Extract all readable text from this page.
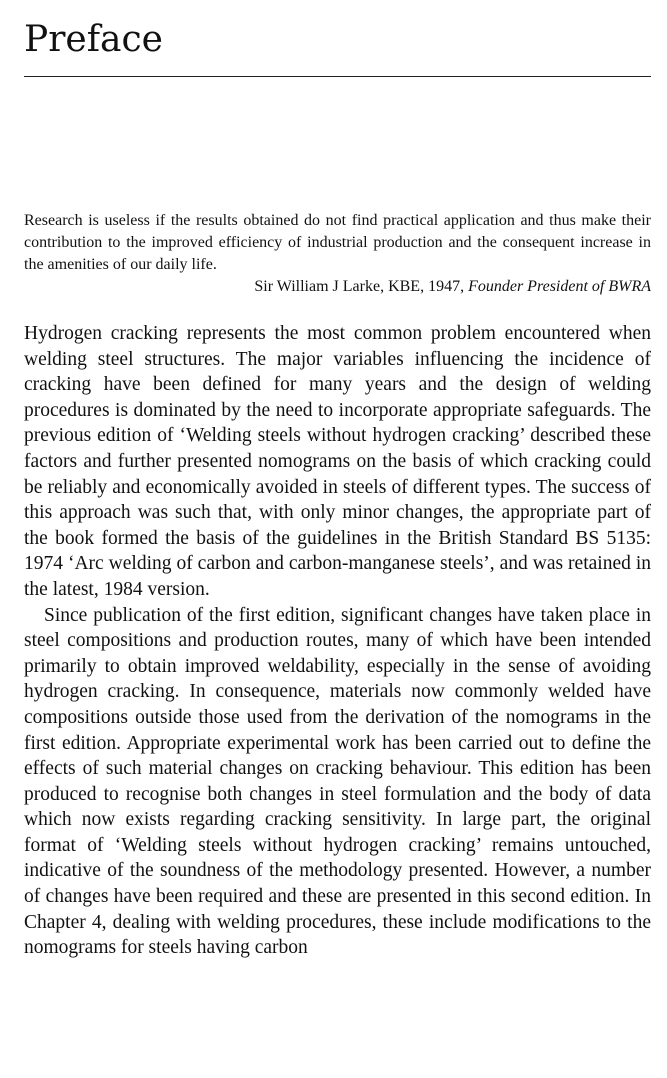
Preface

Research is useless if the results obtained do not find practical application and thus make their contribution to the improved efficiency of industrial production and the consequent increase in the amenities of our daily life.

Sir William J Larke, KBE, 1947, Founder President of BWRA

Hydrogen cracking represents the most common problem encountered when welding steel structures. The major variables influencing the incidence of cracking have been defined for many years and the design of welding procedures is dominated by the need to incorporate appropriate safeguards. The previous edition of ‘Welding steels without hydrogen cracking’ described these factors and further presented nomograms on the basis of which cracking could be reliably and economically avoided in steels of different types. The success of this approach was such that, with only minor changes, the appropriate part of the book formed the basis of the guidelines in the British Standard BS 5135: 1974 ‘Arc welding of carbon and carbon-manganese steels’, and was retained in the latest, 1984 version.

Since publication of the first edition, significant changes have taken place in steel compositions and production routes, many of which have been intended primarily to obtain improved weldability, especially in the sense of avoiding hydrogen cracking. In consequence, materials now commonly welded have compositions outside those used from the derivation of the nomograms in the first edition. Appropriate experimental work has been carried out to define the effects of such material changes on cracking behaviour. This edition has been produced to recognise both changes in steel formulation and the body of data which now exists regarding cracking sensitivity. In large part, the original format of ‘Welding steels without hydrogen cracking’ remains untouched, indicative of the soundness of the methodology presented. However, a number of changes have been required and these are presented in this second edition. In Chapter 4, dealing with welding procedures, these include modifications to the nomograms for steels having carbon
